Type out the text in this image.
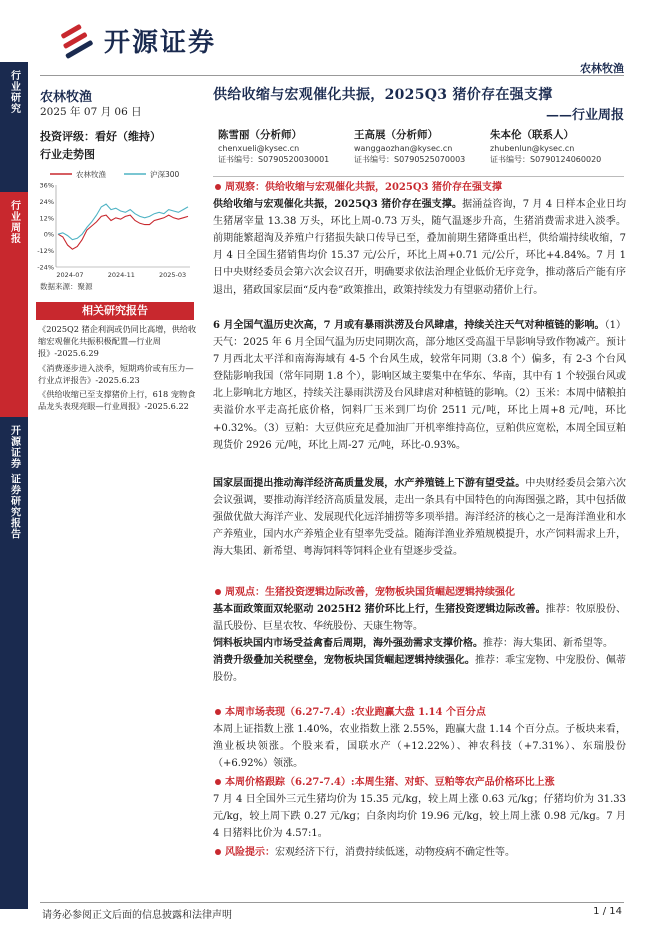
开源证券
农林牧渔
行业研究
行业周报
开源证券 证券研究报告
农林牧渔
2025 年 07 月 06 日
投资评级：看好（维持）
行业走势图
农林牧渔	沪深300
36%
24%
12%
0%
-12%
-24%
2024-07	2024-11	2025-03
数据来源：聚源
相关研究报告
《2025Q2 猪企利润或仍同比高增，供给收缩宏观催化共振积极配置—行业周报》-2025.6.29
《消费逐步进入淡季，短期鸡价或有压力—行业点评报告》-2025.6.23
《供给收缩已至支撑猪价上行，618 宠物食品龙头表现亮眼—行业周报》-2025.6.22
供给收缩与宏观催化共振，2025Q3 猪价存在强支撑
——行业周报
陈雪丽（分析师）
chenxueli@kysec.cn
证书编号：S0790520030001
王高展（分析师）
wanggaozhan@kysec.cn
证书编号：S0790525070003
朱本伦（联系人）
zhubenlun@kysec.cn
证书编号：S0790124060020
周观察：供给收缩与宏观催化共振，2025Q3 猪价存在强支撑
供给收缩与宏观催化共振，2025Q3 猪价存在强支撑。据涌益咨询，7 月 4 日样本企业日均生猪屠宰量 13.38 万头，环比上周-0.73 万头，随气温逐步升高，生猪消费需求进入淡季。前期能繁超淘及养殖户行猪损失缺口传导已至，叠加前期生猪降重出栏，供给端持续收缩，7 月 4 日全国生猪销售均价 15.37 元/公斤，环比上周+0.71 元/公斤，环比+4.84%。7 月 1 日中央财经委员会第六次会议召开，明确要求依法治理企业低价无序竞争，推动落后产能有序退出，猪政国家层面“反内卷”政策推出，政策持续发力有望驱动猪价上行。
6 月全国气温历史次高，7 月或有暴雨洪涝及台风肆虐，持续关注天气对种植链的影响。（1）天气：2025 年 6 月全国气温为历史同期次高，部分地区受高温干旱影响导致作物减产。预计 7 月西北太平洋和南海海域有 4-5 个台风生成，较常年同期（3.8 个）偏多，有 2-3 个台风登陆影响我国（常年同期 1.8 个），影响区域主要集中在华东、华南，其中有 1 个较强台风或北上影响北方地区，持续关注暴雨洪涝及台风肆虐对种植链的影响。（2）玉米：本周中储粮拍卖溢价水平走高托底价格，饲料厂玉米到厂均价 2511 元/吨，环比上周+8 元/吨，环比+0.32%。（3）豆粕：大豆供应充足叠加油厂开机率维持高位，豆粕供应宽松，本周全国豆粕现货价 2926 元/吨，环比上周-27 元/吨，环比-0.93%。
国家层面提出推动海洋经济高质量发展，水产养殖链上下游有望受益。中央财经委员会第六次会议强调，要推动海洋经济高质量发展，走出一条具有中国特色的向海图强之路，其中包括做强做优做大海洋产业、发展现代化远洋捕捞等多项举措。海洋经济的核心之一是海洋渔业和水产养殖业，国内水产养殖企业有望率先受益。随海洋渔业养殖规模提升，水产饲料需求上升，海大集团、新希望、粤海饲料等饲料企业有望逐步受益。
周观点：生猪投资逻辑边际改善，宠物板块国货崛起逻辑持续强化
基本面政策面双轮驱动 2025H2 猪价环比上行，生猪投资逻辑边际改善。推荐：牧原股份、温氏股份、巨星农牧、华统股份、天康生物等。
饲料板块国内市场受益禽畜后周期，海外强劲需求支撑价格。推荐：海大集团、新希望等。
消费升级叠加关税壁垒，宠物板块国货崛起逻辑持续强化。推荐：乖宝宠物、中宠股份、佩蒂股份。
本周市场表现（6.27-7.4）:农业跑赢大盘 1.14 个百分点
本周上证指数上涨 1.40%，农业指数上涨 2.55%，跑赢大盘 1.14 个百分点。子板块来看，渔业板块领涨。个股来看，国联水产（+12.22%）、神农科技（+7.31%）、东瑞股份（+6.92%）领涨。
本周价格跟踪（6.27-7.4）:本周生猪、对虾、豆粕等农产品价格环比上涨
7 月 4 日全国外三元生猪均价为 15.35 元/kg，较上周上涨 0.63 元/kg；仔猪均价为 31.33 元/kg，较上周下跌 0.27 元/kg；白条肉均价 19.96 元/kg，较上周上涨 0.98 元/kg。7 月 4 日猪料比价为 4.57:1。
风险提示：宏观经济下行，消费持续低迷，动物疫病不确定性等。
请务必参阅正文后面的信息披露和法律声明	1 / 14
